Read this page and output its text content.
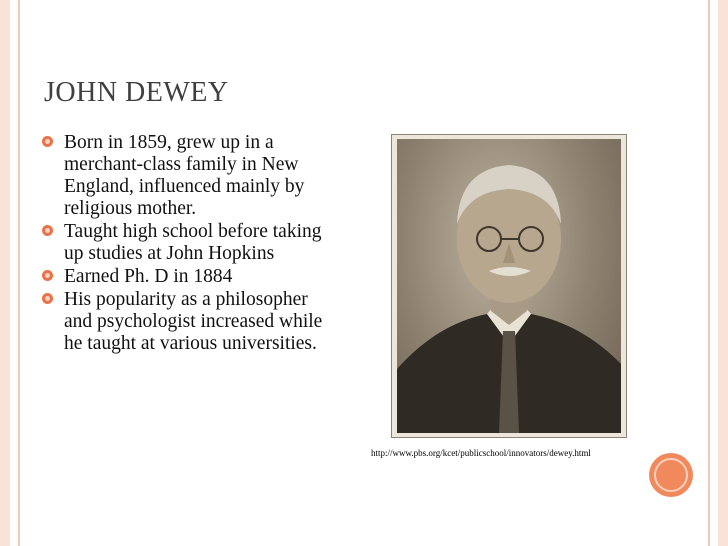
JOHN DEWEY
Born in 1859, grew up in a merchant-class family in New England, influenced mainly by religious mother.
Taught high school before taking up studies at John Hopkins
Earned Ph. D in 1884
His popularity as a philosopher and psychologist increased while he taught at various universities.
http://www.pbs.org/kcet/publicschool/innovators/dewey.html
